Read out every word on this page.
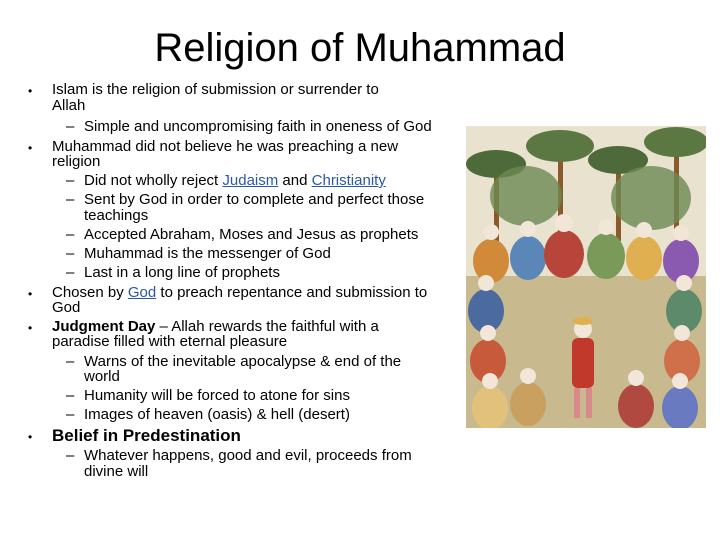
Religion of Muhammad
• Islam is the religion of submission or surrender to
Allah
– Simple and uncompromising faith in oneness of God
• Muhammad did not believe he was preaching a new
religion
– Did not wholly reject Judaism and Christianity
– Sent by God in order to complete and perfect those
teachings
– Accepted Abraham, Moses and Jesus as prophets
– Muhammad is the messenger of God
– Last in a long line of prophets
• Chosen by God to preach repentance and submission to
God
• Judgment Day – Allah rewards the faithful with a
paradise filled with eternal pleasure
– Warns of the inevitable apocalypse & end of the
world
– Humanity will be forced to atone for sins
– Images of heaven (oasis) & hell (desert)
• Belief in Predestination
– Whatever happens, good and evil, proceeds from
divine will
